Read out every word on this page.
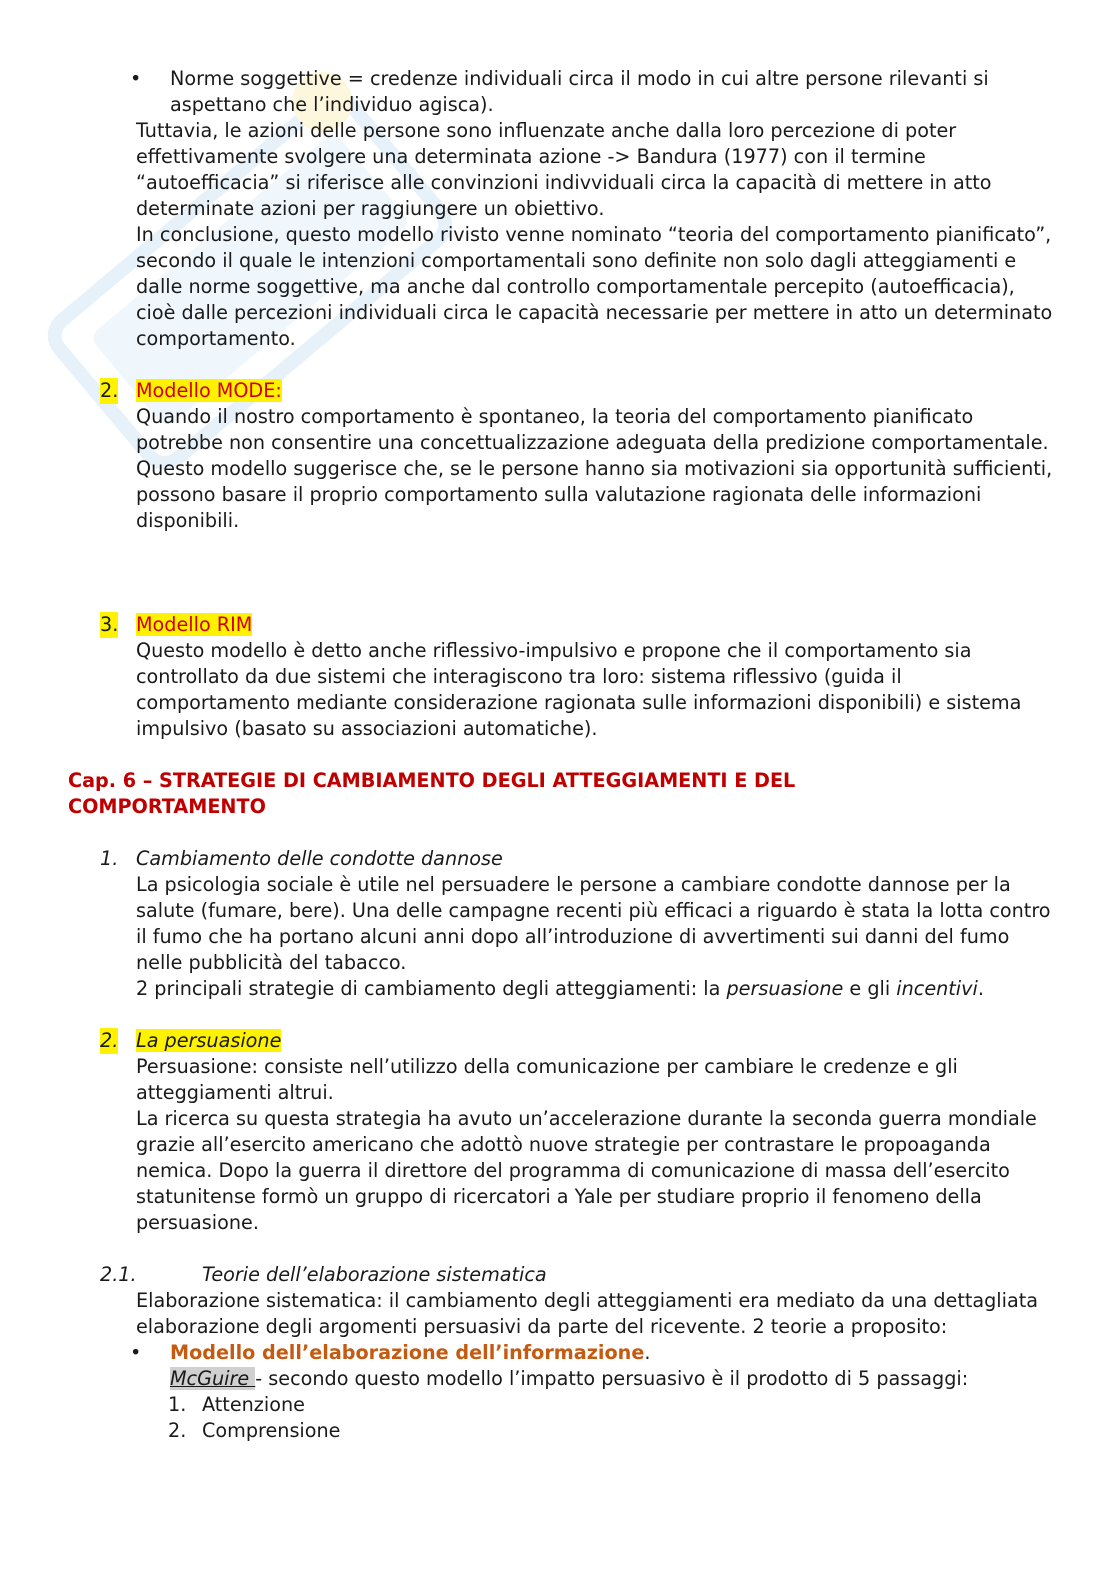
•	Norme soggettive = credenze individuali circa il modo in cui altre persone rilevanti si aspettano che l’individuo agisca).
Tuttavia, le azioni delle persone sono influenzate anche dalla loro percezione di poter effettivamente svolgere una determinata azione -> Bandura (1977) con il termine “autoefficacia” si riferisce alle convinzioni indivviduali circa la capacità di mettere in atto determinate azioni per raggiungere un obiettivo.
In conclusione, questo modello rivisto venne nominato “teoria del comportamento pianificato”, secondo il quale le intenzioni comportamentali sono definite non solo dagli atteggiamenti e dalle norme soggettive, ma anche dal controllo comportamentale percepito (autoefficacia), cioè dalle percezioni individuali circa le capacità necessarie per mettere in atto un determinato comportamento.
2. Modello MODE:
Quando il nostro comportamento è spontaneo, la teoria del comportamento pianificato potrebbe non consentire una concettualizzazione adeguata della predizione comportamentale.
Questo modello suggerisce che, se le persone hanno sia motivazioni sia opportunità sufficienti, possono basare il proprio comportamento sulla valutazione ragionata delle informazioni disponibili.
3. Modello RIM
Questo modello è detto anche riflessivo-impulsivo e propone che il comportamento sia controllato da due sistemi che interagiscono tra loro: sistema riflessivo (guida il comportamento mediante considerazione ragionata sulle informazioni disponibili) e sistema impulsivo (basato su associazioni automatiche).
Cap. 6 – STRATEGIE DI CAMBIAMENTO DEGLI ATTEGGIAMENTI E DEL
COMPORTAMENTO
1. Cambiamento delle condotte dannose
La psicologia sociale è utile nel persuadere le persone a cambiare condotte dannose per la salute (fumare, bere). Una delle campagne recenti più efficaci a riguardo è stata la lotta contro il fumo che ha portano alcuni anni dopo all’introduzione di avvertimenti sui danni del fumo nelle pubblicità del tabacco.
2 principali strategie di cambiamento degli atteggiamenti: la persuasione e gli incentivi.
2. La persuasione
Persuasione: consiste nell’utilizzo della comunicazione per cambiare le credenze e gli atteggiamenti altrui.
La ricerca su questa strategia ha avuto un’accelerazione durante la seconda guerra mondiale grazie all’esercito americano che adottò nuove strategie per contrastare le propoaganda nemica. Dopo la guerra il direttore del programma di comunicazione di massa dell’esercito statunitense formò un gruppo di ricercatori a Yale per studiare proprio il fenomeno della persuasione.
2.1.	Teorie dell’elaborazione sistematica
Elaborazione sistematica: il cambiamento degli atteggiamenti era mediato da una dettagliata elaborazione degli argomenti persuasivi da parte del ricevente. 2 teorie a proposito:
•	Modello dell’elaborazione dell’informazione.
McGuire - secondo questo modello l’impatto persuasivo è il prodotto di 5 passaggi:
1. Attenzione
2. Comprensione
